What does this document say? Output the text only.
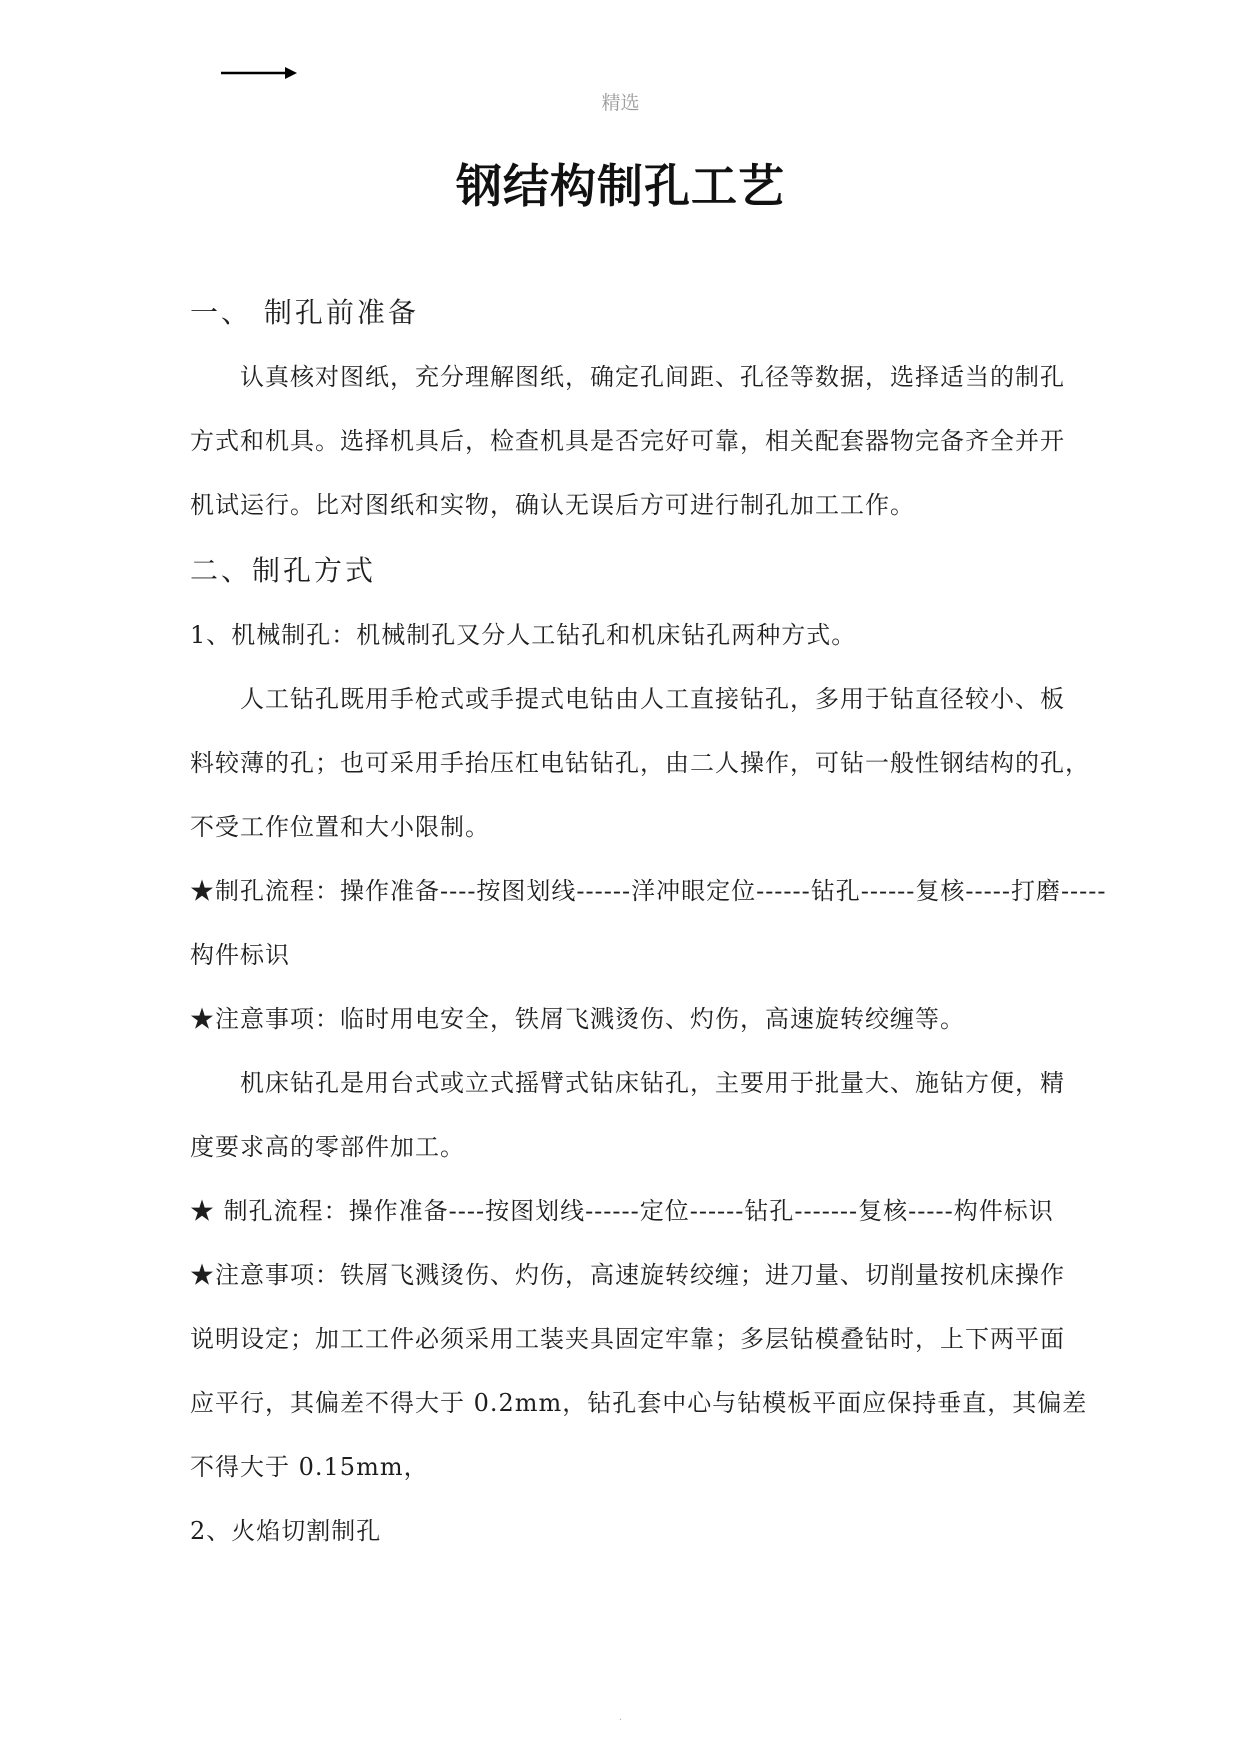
精选
钢结构制孔工艺
一、 制孔前准备
认真核对图纸，充分理解图纸，确定孔间距、孔径等数据，选择适当的制孔
方式和机具。选择机具后，检查机具是否完好可靠，相关配套器物完备齐全并开
机试运行。比对图纸和实物，确认无误后方可进行制孔加工工作。
二、制孔方式
1、机械制孔：机械制孔又分人工钻孔和机床钻孔两种方式。
人工钻孔既用手枪式或手提式电钻由人工直接钻孔，多用于钻直径较小、板
料较薄的孔；也可采用手抬压杠电钻钻孔，由二人操作，可钻一般性钢结构的孔，
不受工作位置和大小限制。
★制孔流程：操作准备----按图划线------洋冲眼定位------钻孔------复核-----打磨-----
构件标识
★注意事项：临时用电安全，铁屑飞溅烫伤、灼伤，高速旋转绞缠等。
机床钻孔是用台式或立式摇臂式钻床钻孔，主要用于批量大、施钻方便，精
度要求高的零部件加工。
★ 制孔流程：操作准备----按图划线------定位------钻孔-------复核-----构件标识
★注意事项：铁屑飞溅烫伤、灼伤，高速旋转绞缠；进刀量、切削量按机床操作
说明设定；加工工件必须采用工装夹具固定牢靠；多层钻模叠钻时，上下两平面
应平行，其偏差不得大于 0.2mm，钻孔套中心与钻模板平面应保持垂直，其偏差
不得大于 0.15mm，
2、火焰切割制孔
.
